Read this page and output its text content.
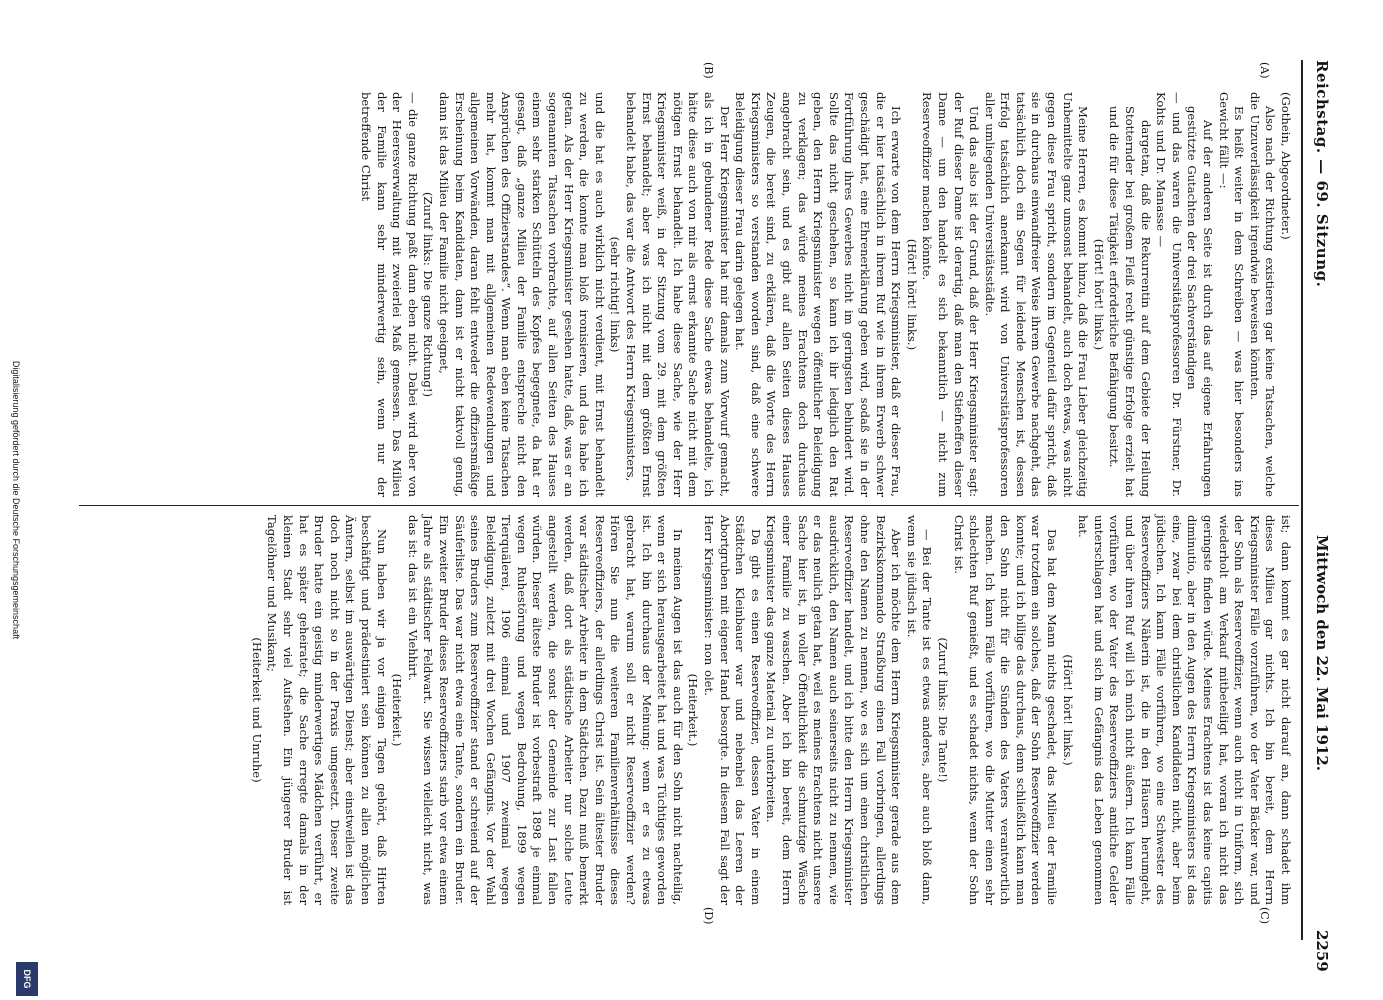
Reichstag. — 69. Sitzung.
Mittwoch den 22. Mai 1912.
2259
(A)
(B)
(C)
(D)

(Gothein, Abgeordneter.)

Also nach der Richtung existieren gar keine Tatsachen, welche die Unzuverlässigkeit irgendwie beweisen könnten.

Es heißt weiter in dem Schreiben — was hier besonders ins Gewicht fällt —:

Auf der anderen Seite ist durch das auf eigene Erfahrungen gestützte Gutachten der drei Sachverständigen

— und das waren die Universitätsprofessoren Dr. Fürstner, Dr. Kohts und Dr. Manasse —

dargetan, daß die Rekurrentin auf dem Gebiete der Heilung Stotternder bei großem Fleiß recht günstige Erfolge erzielt hat und die für diese Tätigkeit erforderliche Befähigung besitzt.

(Hört! hört! links.)

Meine Herren, es kommt hinzu, daß die Frau Lieber gleichzeitig Unbemittelte ganz umsonst behandelt, auch doch etwas, was nicht gegen diese Frau spricht, sondern im Gegenteil dafür spricht, daß sie in durchaus einwandfreier Weise ihrem Gewerbe nachgeht, das tatsächlich doch ein Segen für leidende Menschen ist, dessen Erfolg tatsächlich anerkannt wird von Universitätsprofessoren aller umliegenden Universitätsstädte.

Und das also ist der Grund, daß der Herr Kriegsminister sagt: der Ruf dieser Dame ist derartig, daß man den Stiefneffen dieser Dame — um den handelt es sich bekanntlich — nicht zum Reserveoffizier machen könnte.

(Hört! hört! links.)

Ich erwarte von dem Herrn Kriegsminister, daß er dieser Frau, die er hier tatsächlich in ihrem Ruf wie in ihrem Erwerb schwer geschädigt hat, eine Ehrenerklärung geben wird, sodaß sie in der Fortführung ihres Gewerbes nicht im geringsten behindert wird. Sollte das nicht geschehen, so kann ich ihr lediglich den Rat geben, den Herrn Kriegsminister wegen öffentlicher Beleidigung zu verklagen; das würde meines Erachtens doch durchaus angebracht sein, und es gibt auf allen Seiten dieses Hauses Zeugen, die bereit sind, zu erklären, daß die Worte des Herrn Kriegsministers so verstanden worden sind, daß eine schwere Beleidigung dieser Frau darin gelegen hat.

Der Herr Kriegsminister hat mir damals zum Vorwurf gemacht, als ich in gebundener Rede diese Sache etwas behandelte, ich hätte diese auch von mir als ernst erkannte Sache nicht mit dem nötigen Ernst behandelt. Ich habe diese Sache, wie der Herr Kriegsminister weiß, in der Sitzung vom 29. mit dem größten Ernst behandelt; aber was ich nicht mit dem größten Ernst behandelt habe, das war die Antwort des Herrn Kriegsministers,

(sehr richtig! links)

und die hat es auch wirklich nicht verdient, mit Ernst behandelt zu werden, die konnte man bloß ironisieren, und das habe ich getan. Als der Herr Kriegsminister gesehen hatte, daß, was er an sogenannten Tatsachen vorbrachte, auf allen Seiten des Hauses einem sehr starken Schütteln des Kopfes begegnete, da hat er gesagt, daß „ganze Milieu der Familie entspreche nicht den Ansprüchen des Offizierstandes“. Wenn man eben keine Tatsachen mehr hat, kommt man mit allgemeinen Redewendungen und allgemeinen Vorwänden, daran fehlt entweder die offiziersmäßige Erscheinung beim Kandidaten, dann ist er nicht taktvoll genug, dann ist das Milieu der Familie nicht geeignet,

(Zuruf links: Die ganze Richtung!)

— die ganze Richtung paßt dann eben nicht. Dabei wird aber von der Heeresverwaltung mit zweierlei Maß gemessen. Das Milieu der Familie kann sehr minderwertig sein, wenn nur der betreffende Christ

ist; dann kommt es gar nicht darauf an, dann schadet ihm dieses Milieu gar nichts. Ich bin bereit, dem Herrn Kriegsminister Fälle vorzuführen, wo der Vater Bäcker war, und der Sohn als Reserveoffizier, wenn auch nicht in Uniform, sich wiederholt am Verkauf mitbeteiligt hat, woran ich nicht das geringste finden würde. Meines Erachtens ist das keine capitis diminutio, aber in den Augen des Herrn Kriegsministers ist das eine, zwar bei dem christlichen Kandidaten nicht, aber beim jüdischen. Ich kann Fälle vorführen, wo eine Schwester des Reserveoffiziers Näherin ist, die in den Häusern herumgeht, und über ihren Ruf will ich mich nicht äußern. Ich kann Fälle vorführen, wo der Vater des Reserveoffiziers amtliche Gelder unterschlagen hat und sich im Gefängnis das Leben genommen hat.

(Hört! hört! links.)

Das hat dem Mann nichts geschadet, das Milieu der Familie war trotzdem ein solches, daß der Sohn Reserveoffizier werden konnte; und ich billige das durchaus, denn schließlich kann man den Sohn nicht für die Sünden des Vaters verantwortlich machen. Ich kann Fälle vorführen, wo die Mutter einen sehr schlechten Ruf genießt, und es schadet nichts, wenn der Sohn Christ ist.

(Zuruf links: Die Tante!)

— Bei der Tante ist es etwas anderes, aber auch bloß dann, wenn sie jüdisch ist.

Aber ich möchte dem Herrn Kriegsminister gerade aus dem Bezirkskommando Straßburg einen Fall vorbringen, allerdings ohne den Namen zu nennen, wo es sich um einen christlichen Reserveoffizier handelt, und ich bitte den Herrn Kriegsminister ausdrücklich, den Namen auch seinerseits nicht zu nennen, wie er das neulich getan hat, weil es meines Erachtens nicht unsere Sache hier ist, in voller Öffentlichkeit die schmutzige Wäsche einer Familie zu waschen. Aber ich bin bereit, dem Herrn Kriegsminister das ganze Material zu unterbreiten.

Da gibt es einen Reserveoffizier, dessen Vater in einem Städtchen Kleinbauer war und nebenbei das Leeren der Abortgruben mit eigener Hand besorgte. In diesem Fall sagt der Herr Kriegsminister: non olet.

(Heiterkeit.)

In meinen Augen ist das auch für den Sohn nicht nachteilig, wenn er sich herausgearbeitet hat und was Tüchtiges geworden ist. Ich bin durchaus der Meinung: wenn er es zu etwas gebracht hat, warum soll er nicht Reserveoffizier werden? Hören Sie nun die weiteren Familienverhältnisse dieses Reserveoffiziers, der allerdings Christ ist. Sein ältester Bruder war städtischer Arbeiter in dem Städtchen. Dazu muß bemerkt werden, daß dort als städtische Arbeiter nur solche Leute angestellt werden, die sonst der Gemeinde zur Last fallen würden. Dieser älteste Bruder ist vorbestraft 1898 je einmal wegen Ruhestörung und wegen Bedrohung, 1899 wegen Tierquälerei, 1906 einmal und 1907 zweimal wegen Beleidigung, zuletzt mit drei Wochen Gefängnis. Vor der Wahl seines Bruders zum Reserveoffizier stand er schreiend auf der Säuferliste. Das war nicht etwa eine Tante, sondern ein Bruder. Ein zweiter Bruder dieses Reserveoffiziers starb vor etwa einem Jahre als städtischer Feldwart. Sie wissen vielleicht nicht, was das ist: das ist ein Viehhirt.

(Heiterkeit.)

Nun haben wir ja vor einigen Tagen gehört, daß Hirten beschäftigt und prädestiniert sein können zu allen möglichen Ämtern, selbst im auswärtigen Dienst; aber einstweilen ist das doch noch nicht so in der Praxis umgesetzt. Dieser zweite Bruder hatte ein geistig minderwertiges Mädchen verführt, er hat es später geheiratet; die Sache erregte damals in der kleinen Stadt sehr viel Aufsehen. Ein jüngerer Bruder ist Tagelöhner und Musikant;

(Heiterkeit und Unruhe)

Digitalisierung gefördert durch die Deutsche Forschungsgemeinschaft
DFG
